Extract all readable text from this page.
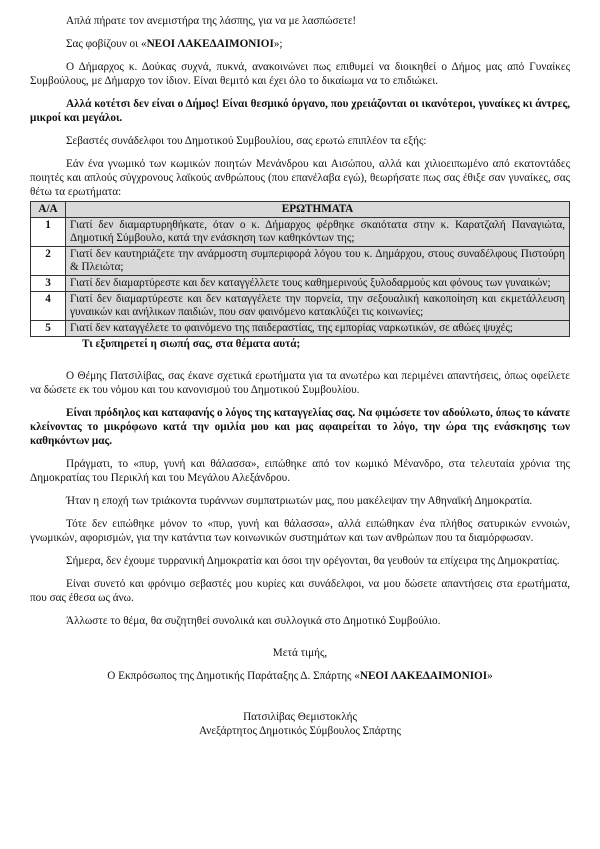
Απλά πήρατε τον ανεμιστήρα της λάσπης, για να με λασπώσετε!

Σας φοβίζουν οι «ΝΕΟΙ ΛΑΚΕΔΑΙΜΟΝΙΟΙ»;

Ο Δήμαρχος κ. Δούκας συχνά, πυκνά, ανακοινώνει πως επιθυμεί να διοικηθεί ο Δήμος μας από Γυναίκες Συμβούλους, με Δήμαρχο τον ίδιον. Είναι θεμιτό και έχει όλο το δικαίωμα να το επιδιώκει.

Αλλά κοτέτσι δεν είναι ο Δήμος! Είναι θεσμικό όργανο, που χρειάζονται οι ικανότεροι, γυναίκες κι άντρες, μικροί και μεγάλοι.

Σεβαστές συνάδελφοι του Δημοτικού Συμβουλίου, σας ερωτώ επιπλέον τα εξής:

Εάν ένα γνωμικό των κωμικών ποιητών Μενάνδρου και Αισώπου, αλλά και χιλιοειπωμένο από εκατοντάδες ποιητές και απλούς σύγχρονους λαϊκούς ανθρώπους (που επανέλαβα εγώ), θεωρήσατε πως σας έθιξε σαν γυναίκες, σας θέτω τα ερωτήματα:

Α/Α	ΕΡΩΤΗΜΑΤΑ
1	Γιατί δεν διαμαρτυρηθήκατε, όταν ο κ. Δήμαρχος φέρθηκε σκαιότατα στην κ. Καρατζαλή Παναγιώτα, Δημοτική Σύμβουλο, κατά την ενάσκηση των καθηκόντων της;
2	Γιατί δεν καυτηριάζετε την ανάρμοστη συμπεριφορά λόγου του κ. Δημάρχου, στους συναδέλφους Πιστούρη & Πλειώτα;
3	Γιατί δεν διαμαρτύρεστε και δεν καταγγέλλετε τους καθημερινούς ξυλοδαρμούς και φόνους των γυναικών;
4	Γιατί δεν διαμαρτύρεστε και δεν καταγγέλετε την πορνεία, την σεξουαλική κακοποίηση και εκμετάλλευση γυναικών και ανήλικων παιδιών, που σαν φαινόμενο κατακλύζει τις κοινωνίες;
5	Γιατί δεν καταγγέλετε το φαινόμενο της παιδεραστίας, της εμπορίας ναρκωτικών, σε αθώες ψυχές;

Τι εξυπηρετεί η σιωπή σας, στα θέματα αυτά;

Ο Θέμης Πατσιλίβας, σας έκανε σχετικά ερωτήματα για τα ανωτέρω και περιμένει απαντήσεις, όπως οφείλετε να δώσετε εκ του νόμου και του κανονισμού του Δημοτικού Συμβουλίου.

Είναι πρόδηλος και καταφανής ο λόγος της καταγγελίας σας. Να φιμώσετε τον αδούλωτο, όπως το κάνατε κλείνοντας το μικρόφωνο κατά την ομιλία μου και μας αφαιρείται το λόγο, την ώρα της ενάσκησης των καθηκόντων μας.

Πράγματι, το «πυρ, γυνή και θάλασσα», ειπώθηκε από τον κωμικό Μένανδρο, στα τελευταία χρόνια της Δημοκρατίας του Περικλή και του Μεγάλου Αλεξάνδρου.

Ήταν η εποχή των τριάκοντα τυράννων συμπατριωτών μας, που μακέλεψαν την Αθηναϊκή Δημοκρατία.

Τότε δεν ειπώθηκε μόνον το «πυρ, γυνή και θάλασσα», αλλά ειπώθηκαν ένα πλήθος σατυρικών εννοιών, γνωμικών, αφορισμών, για την κατάντια των κοινωνικών συστημάτων και των ανθρώπων που τα διαμόρφωσαν.

Σήμερα, δεν έχουμε τυρρανική Δημοκρατία και όσοι την ορέγονται, θα γευθούν τα επίχειρα της Δημοκρατίας.

Είναι συνετό και φρόνιμο σεβαστές μου κυρίες και συνάδελφοι, να μου δώσετε απαντήσεις στα ερωτήματα, που σας έθεσα ως άνω.

Άλλωστε το θέμα, θα συζητηθεί συνολικά και συλλογικά στο Δημοτικό Συμβούλιο.

Μετά τιμής,

Ο Εκπρόσωπος της Δημοτικής Παράταξης Δ. Σπάρτης «ΝΕΟΙ ΛΑΚΕΔΑΙΜΟΝΙΟΙ»

Πατσιλίβας Θεμιστοκλής

Ανεξάρτητος Δημοτικός Σύμβουλος Σπάρτης
